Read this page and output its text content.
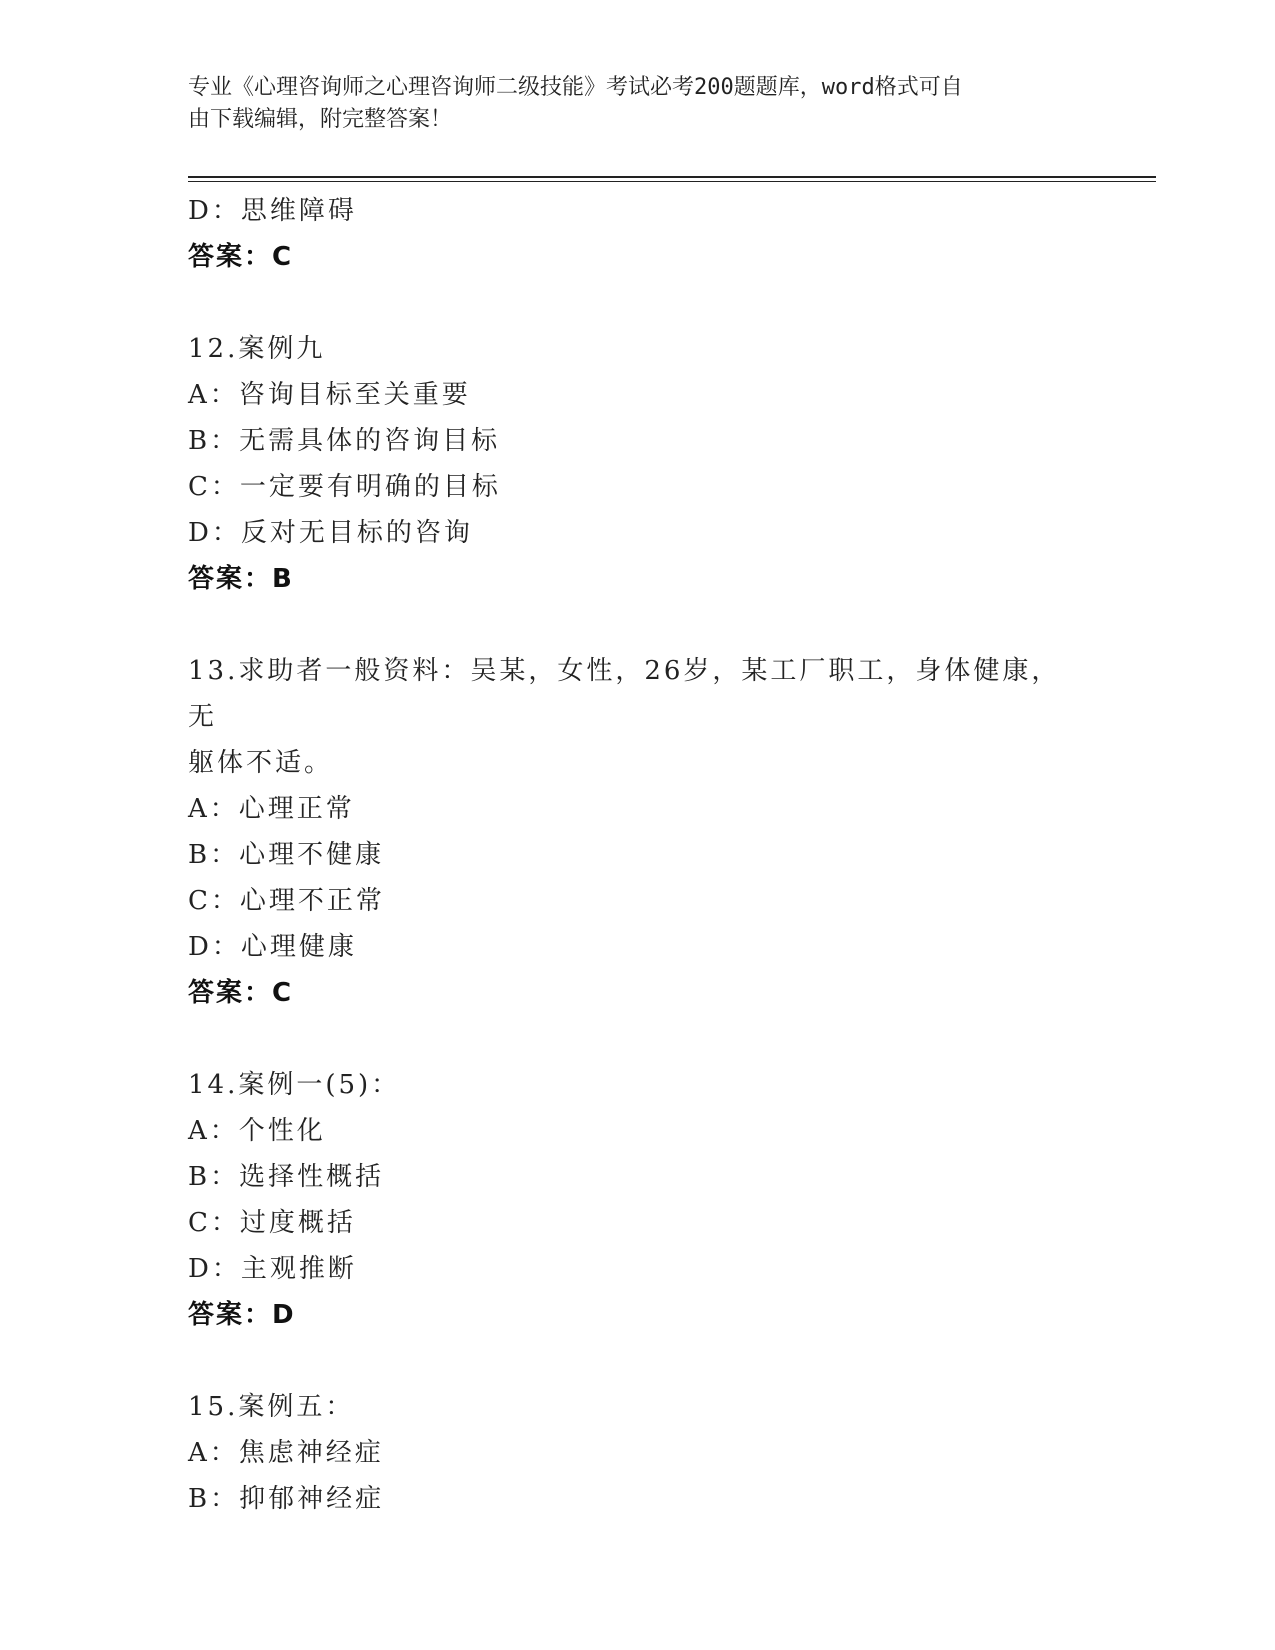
专业《心理咨询师之心理咨询师二级技能》考试必考200题题库，word格式可自
由下载编辑，附完整答案！
D：思维障碍
答案：C
12.案例九
A：咨询目标至关重要
B：无需具体的咨询目标
C：一定要有明确的目标
D：反对无目标的咨询
答案：B
13.求助者一般资料：吴某，女性，26岁，某工厂职工，身体健康，无
躯体不适。
A：心理正常
B：心理不健康
C：心理不正常
D：心理健康
答案：C
14.案例一(5)：
A：个性化
B：选择性概括
C：过度概括
D：主观推断
答案：D
15.案例五：
A：焦虑神经症
B：抑郁神经症
